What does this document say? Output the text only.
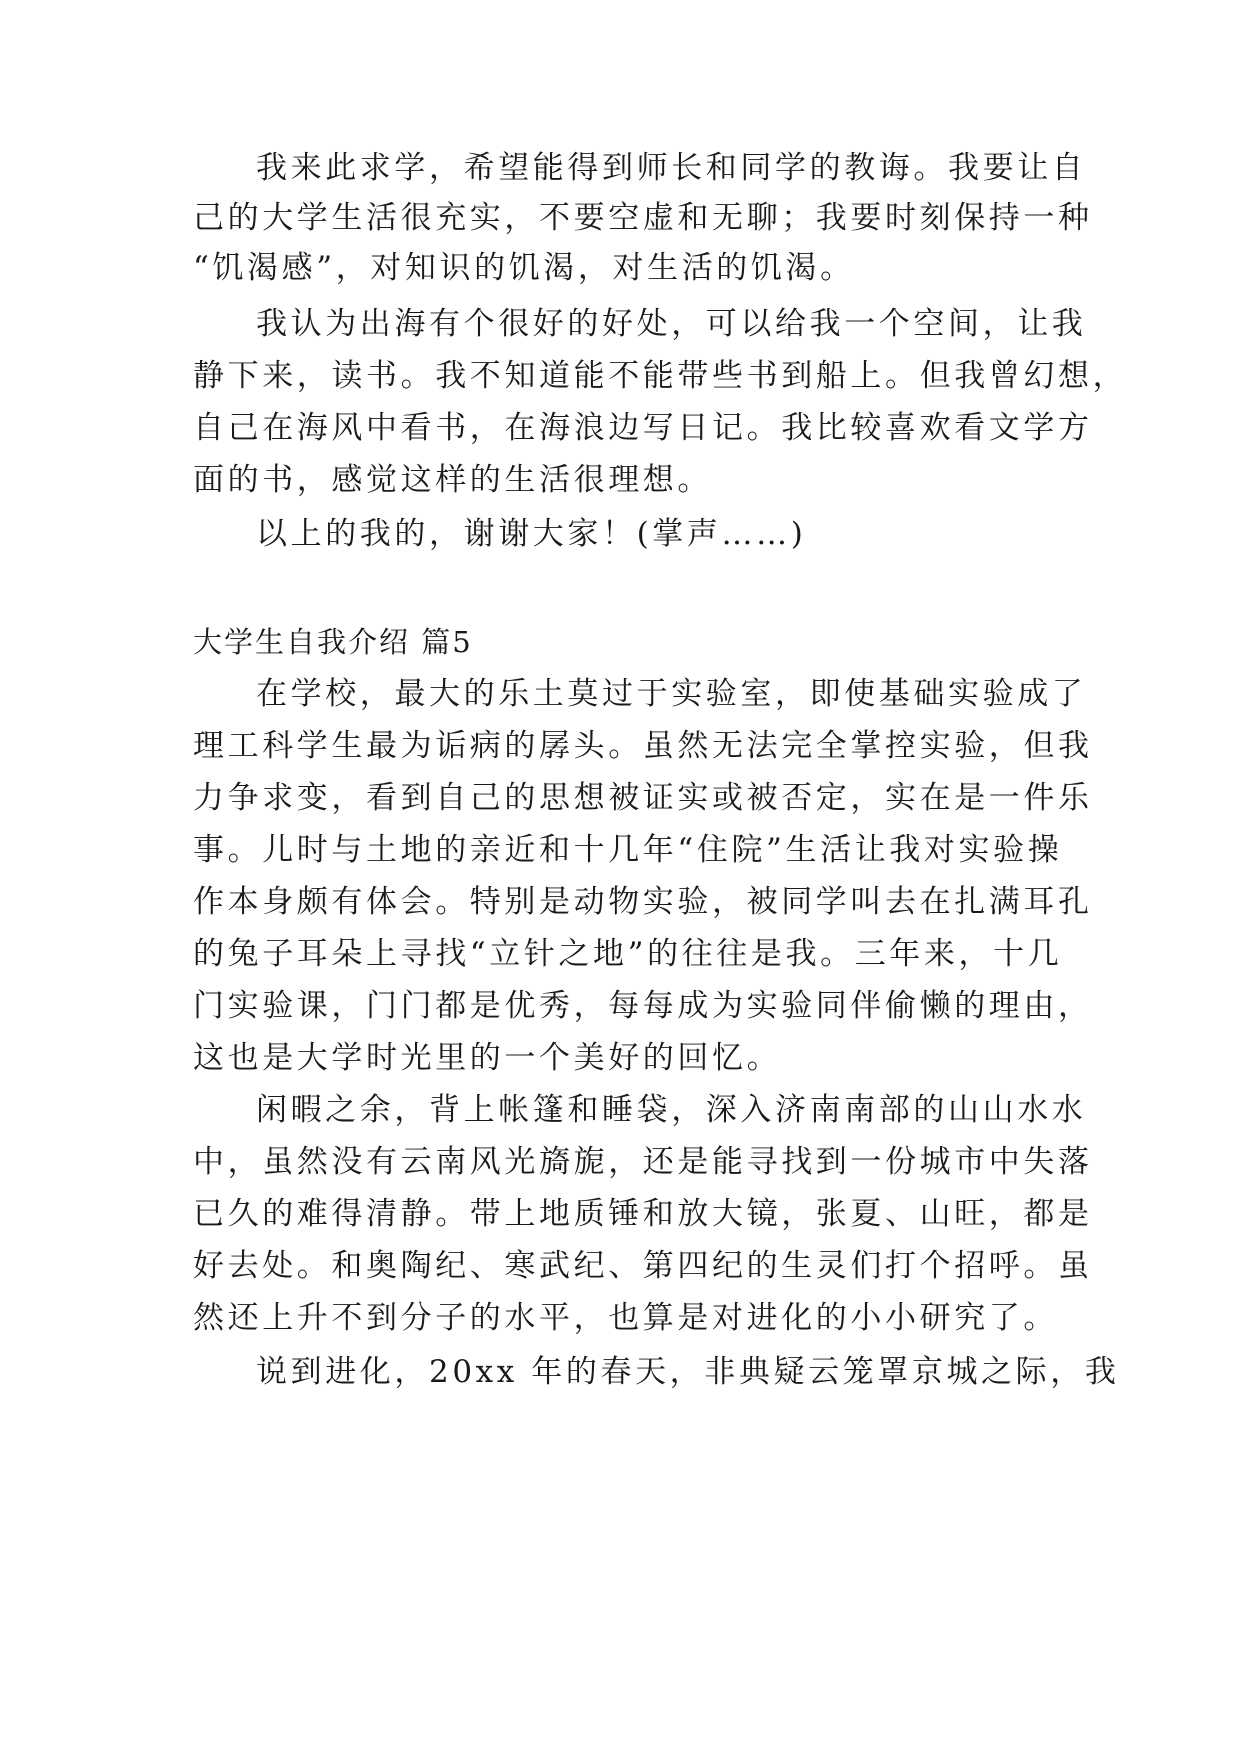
我来此求学，希望能得到师长和同学的教诲。我要让自
己的大学生活很充实，不要空虚和无聊；我要时刻保持一种
“饥渴感”，对知识的饥渴，对生活的饥渴。
我认为出海有个很好的好处，可以给我一个空间，让我
静下来，读书。我不知道能不能带些书到船上。但我曾幻想，
自己在海风中看书，在海浪边写日记。我比较喜欢看文学方
面的书，感觉这样的生活很理想。
以上的我的，谢谢大家！(掌声……)
大学生自我介绍 篇5
在学校，最大的乐土莫过于实验室，即使基础实验成了
理工科学生最为诟病的孱头。虽然无法完全掌控实验，但我
力争求变，看到自己的思想被证实或被否定，实在是一件乐
事。儿时与土地的亲近和十几年“住院”生活让我对实验操
作本身颇有体会。特别是动物实验，被同学叫去在扎满耳孔
的兔子耳朵上寻找“立针之地”的往往是我。三年来，十几
门实验课，门门都是优秀，每每成为实验同伴偷懒的理由，
这也是大学时光里的一个美好的回忆。
闲暇之余，背上帐篷和睡袋，深入济南南部的山山水水
中，虽然没有云南风光旖旎，还是能寻找到一份城市中失落
已久的难得清静。带上地质锤和放大镜，张夏、山旺，都是
好去处。和奥陶纪、寒武纪、第四纪的生灵们打个招呼。虽
然还上升不到分子的水平，也算是对进化的小小研究了。
说到进化，20xx 年的春天，非典疑云笼罩京城之际，我
